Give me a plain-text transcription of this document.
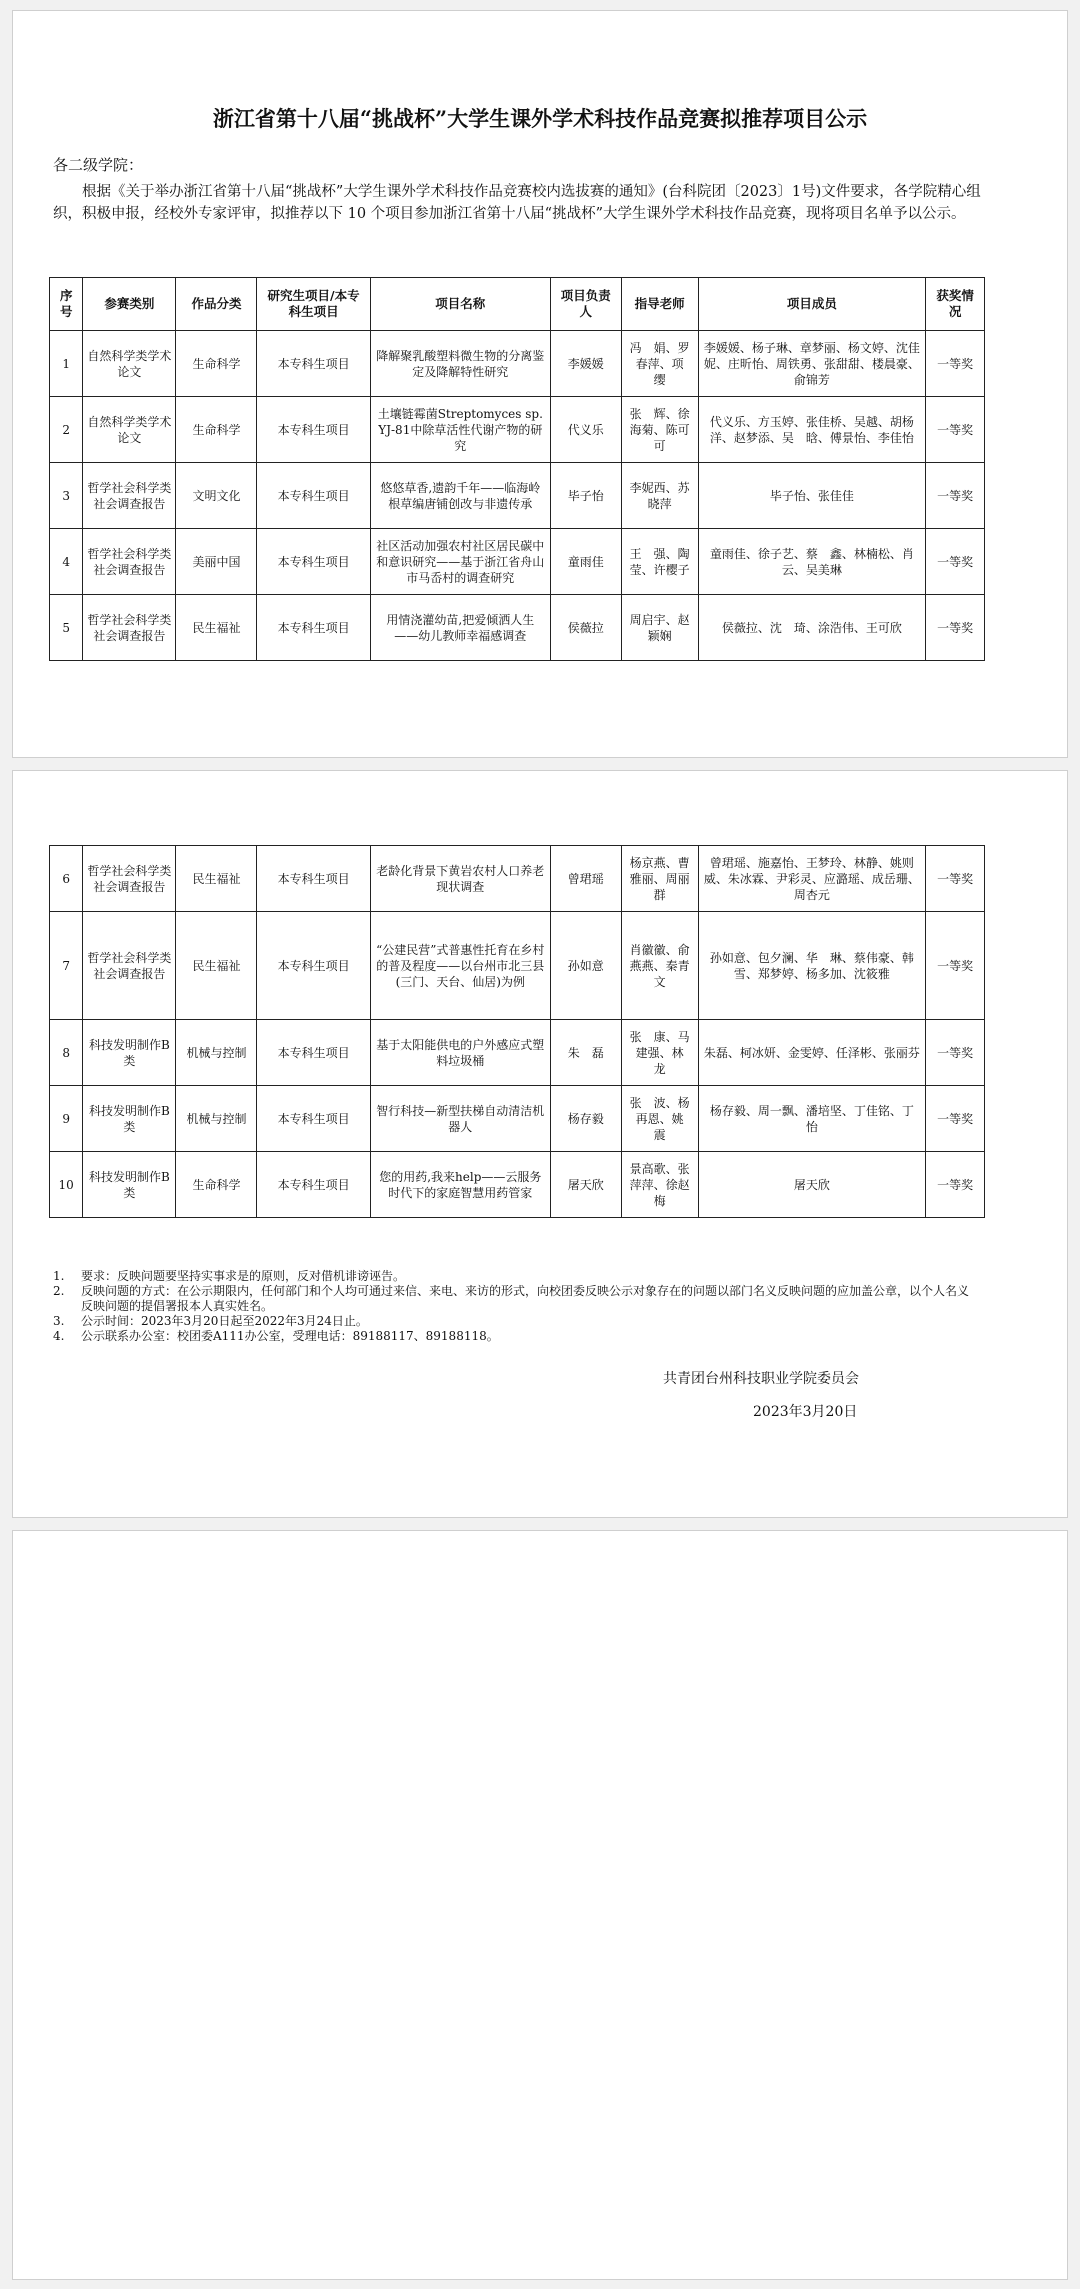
浙江省第十八届“挑战杯”大学生课外学术科技作品竞赛拟推荐项目公示
各二级学院：
根据《关于举办浙江省第十八届“挑战杯”大学生课外学术科技作品竞赛校内选拔赛的通知》(台科院团〔2023〕1号)文件要求，各学院精心组织，积极申报，经校外专家评审，拟推荐以下 10 个项目参加浙江省第十八届“挑战杯”大学生课外学术科技作品竞赛，现将项目名单予以公示。
序号	参赛类别	作品分类	研究生项目/本专科生项目	项目名称	项目负责人	指导老师	项目成员	获奖情况
1	自然科学类学术论文	生命科学	本专科生项目	降解聚乳酸塑料微生物的分离鉴定及降解特性研究	李媛媛	冯　娟、罗春萍、项　缨	李媛媛、杨子琳、章梦丽、杨文婷、沈佳妮、庄昕怡、周铁勇、张甜甜、楼晨豪、俞锦芳	一等奖
2	自然科学类学术论文	生命科学	本专科生项目	土壤链霉菌Streptomyces sp. YJ-81中除草活性代谢产物的研究	代义乐	张　辉、徐海菊、陈可可	代义乐、方玉婷、张佳桥、吴越、胡杨洋、赵梦添、吴　晗、傅景怡、李佳怡	一等奖
3	哲学社会科学类社会调查报告	文明文化	本专科生项目	悠悠草香,遗韵千年——临海岭根草编唐铺创改与非遗传承	毕子怡	李妮西、苏晓萍	毕子怡、张佳佳	一等奖
4	哲学社会科学类社会调查报告	美丽中国	本专科生项目	社区活动加强农村社区居民碳中和意识研究——基于浙江省舟山市马岙村的调查研究	童雨佳	王　强、陶　莹、许樱子	童雨佳、徐子艺、蔡　鑫、林楠松、肖　云、吴美琳	一等奖
5	哲学社会科学类社会调查报告	民生福祉	本专科生项目	用情浇灌幼苗,把爱倾洒人生——幼儿教师幸福感调查	侯薇拉	周启宇、赵颖娴	侯薇拉、沈　琦、涂浩伟、王可欣	一等奖
6	哲学社会科学类社会调查报告	民生福祉	本专科生项目	老龄化背景下黄岩农村人口养老现状调查	曾珺瑶	杨京燕、曹雅丽、周丽群	曾珺瑶、施嘉怡、王梦玲、林静、姚则威、朱冰霖、尹彩灵、应潞瑶、成岳珊、周杏元	一等奖
7	哲学社会科学类社会调查报告	民生福祉	本专科生项目	“公建民营”式普惠性托育在乡村的普及程度——以台州市北三县(三门、天台、仙居)为例	孙如意	肖徽徽、俞燕燕、秦青文	孙如意、包夕澜、华　琳、蔡伟豪、韩　雪、郑梦婷、杨多加、沈筱雅	一等奖
8	科技发明制作B类	机械与控制	本专科生项目	基于太阳能供电的户外感应式塑料垃圾桶	朱　磊	张　康、马建强、林　龙	朱磊、柯冰妍、金雯婷、任泽彬、张丽芬	一等奖
9	科技发明制作B类	机械与控制	本专科生项目	智行科技—新型扶梯自动清洁机器人	杨存毅	张　波、杨再恩、姚　震	杨存毅、周一飘、潘培坚、丁佳铭、丁　怡	一等奖
10	科技发明制作B类	生命科学	本专科生项目	您的用药,我来help——云服务时代下的家庭智慧用药管家	屠天欣	景高歌、张萍萍、徐赵梅	屠天欣	一等奖
1.	要求：反映问题要坚持实事求是的原则，反对借机诽谤诬告。
2.	反映问题的方式：在公示期限内，任何部门和个人均可通过来信、来电、来访的形式，向校团委反映公示对象存在的问题以部门名义反映问题的应加盖公章，以个人名义反映问题的提倡署报本人真实姓名。
3.	公示时间：2023年3月20日起至2022年3月24日止。
4.	公示联系办公室：校团委A111办公室，受理电话：89188117、89188118。
共青团台州科技职业学院委员会
2023年3月20日
